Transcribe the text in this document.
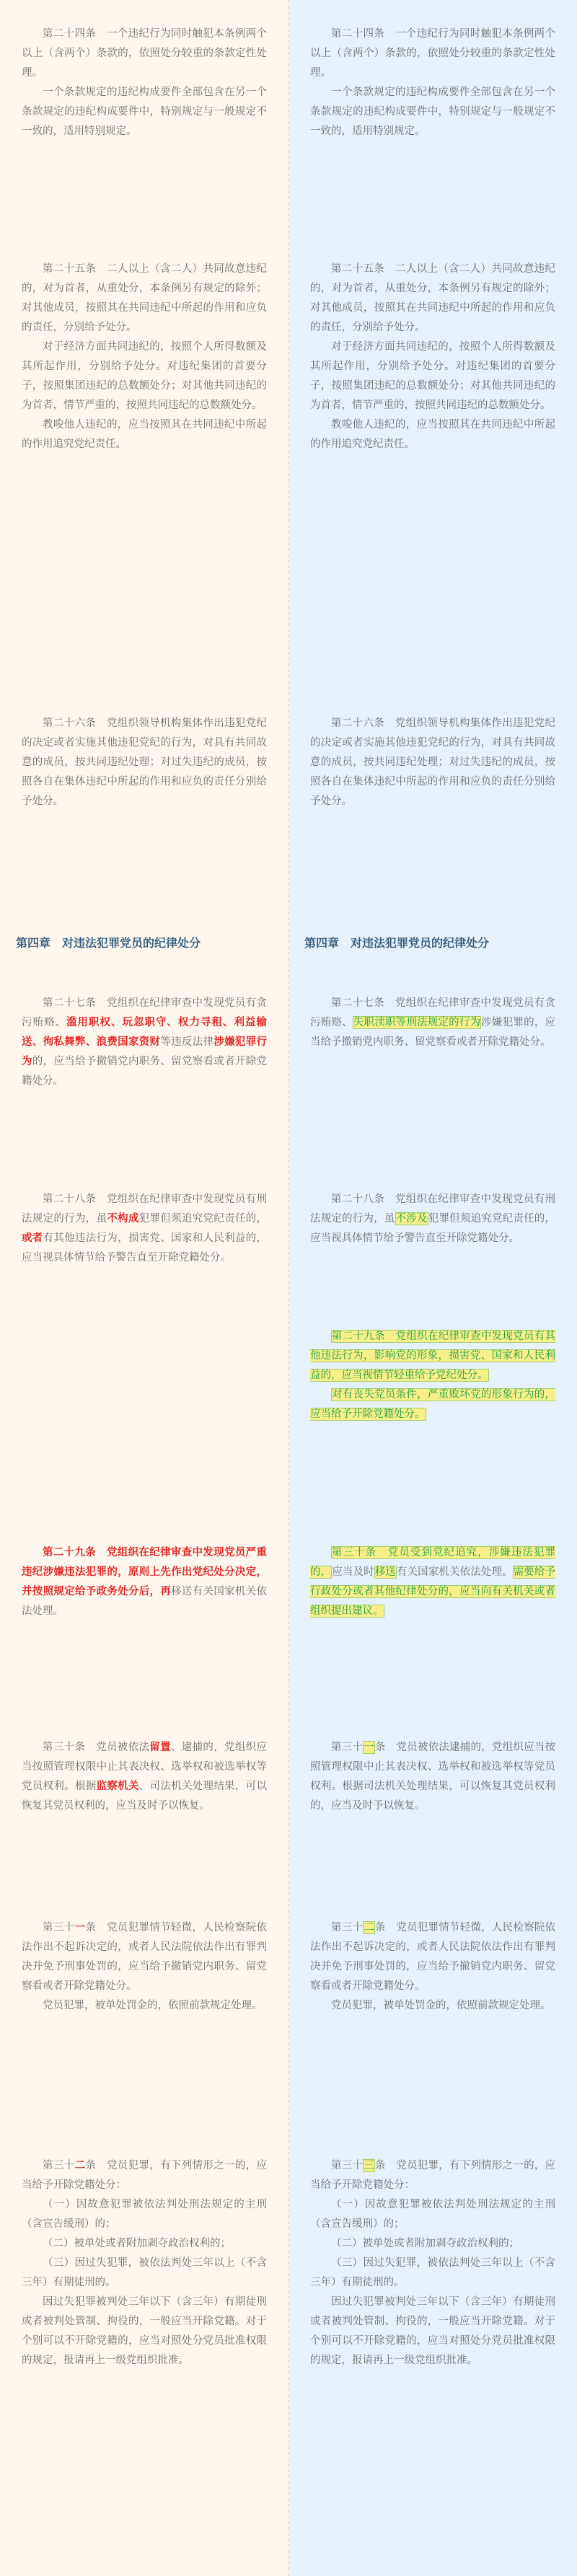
第二十四条　一个违纪行为同时触犯本条例两个以上（含两个）条款的，依照处分较重的条款定性处理。

一个条款规定的违纪构成要件全部包含在另一个条款规定的违纪构成要件中，特别规定与一般规定不一致的，适用特别规定。

第二十五条　二人以上（含二人）共同故意违纪的，对为首者，从重处分，本条例另有规定的除外；对其他成员，按照其在共同违纪中所起的作用和应负的责任，分别给予处分。

对于经济方面共同违纪的，按照个人所得数额及其所起作用，分别给予处分。对违纪集团的首要分子，按照集团违纪的总数额处分；对其他共同违纪的为首者，情节严重的，按照共同违纪的总数额处分。

教唆他人违纪的，应当按照其在共同违纪中所起的作用追究党纪责任。

第二十六条　党组织领导机构集体作出违犯党纪的决定或者实施其他违犯党纪的行为，对具有共同故意的成员，按共同违纪处理；对过失违纪的成员，按照各自在集体违纪中所起的作用和应负的责任分别给予处分。

第四章　对违法犯罪党员的纪律处分

第二十七条　党组织在纪律审查中发现党员有贪污贿赂、滥用职权、玩忽职守、权力寻租、利益输送、徇私舞弊、浪费国家资财等违反法律涉嫌犯罪行为的，应当给予撤销党内职务、留党察看或者开除党籍处分。

第二十八条　党组织在纪律审查中发现党员有刑法规定的行为，虽不构成犯罪但须追究党纪责任的，或者有其他违法行为，损害党、国家和人民利益的，应当视具体情节给予警告直至开除党籍处分。

第二十九条　党组织在纪律审查中发现党员严重违纪涉嫌违法犯罪的，原则上先作出党纪处分决定，并按照规定给予政务处分后，再移送有关国家机关依法处理。

第三十条　党员被依法留置、逮捕的，党组织应当按照管理权限中止其表决权、选举权和被选举权等党员权利。根据监察机关、司法机关处理结果，可以恢复其党员权利的，应当及时予以恢复。

第三十一条　党员犯罪情节轻微，人民检察院依法作出不起诉决定的，或者人民法院依法作出有罪判决并免予刑事处罚的，应当给予撤销党内职务、留党察看或者开除党籍处分。

党员犯罪，被单处罚金的，依照前款规定处理。

第三十二条　党员犯罪，有下列情形之一的，应当给予开除党籍处分：

（一）因故意犯罪被依法判处刑法规定的主刑（含宣告缓刑）的；

（二）被单处或者附加剥夺政治权利的；

（三）因过失犯罪，被依法判处三年以上（不含三年）有期徒刑的。

因过失犯罪被判处三年以下（含三年）有期徒刑或者被判处管制、拘役的，一般应当开除党籍。对于个别可以不开除党籍的，应当对照处分党员批准权限的规定，报请再上一级党组织批准。

第二十四条　一个违纪行为同时触犯本条例两个以上（含两个）条款的，依照处分较重的条款定性处理。

一个条款规定的违纪构成要件全部包含在另一个条款规定的违纪构成要件中，特别规定与一般规定不一致的，适用特别规定。

第二十五条　二人以上（含二人）共同故意违纪的，对为首者，从重处分，本条例另有规定的除外；对其他成员，按照其在共同违纪中所起的作用和应负的责任，分别给予处分。

对于经济方面共同违纪的，按照个人所得数额及其所起作用，分别给予处分。对违纪集团的首要分子，按照集团违纪的总数额处分；对其他共同违纪的为首者，情节严重的，按照共同违纪的总数额处分。

教唆他人违纪的，应当按照其在共同违纪中所起的作用追究党纪责任。

第二十六条　党组织领导机构集体作出违犯党纪的决定或者实施其他违犯党纪的行为，对具有共同故意的成员，按共同违纪处理；对过失违纪的成员，按照各自在集体违纪中所起的作用和应负的责任分别给予处分。

第四章　对违法犯罪党员的纪律处分

第二十七条　党组织在纪律审查中发现党员有贪污贿赂、失职渎职等刑法规定的行为涉嫌犯罪的，应当给予撤销党内职务、留党察看或者开除党籍处分。

第二十八条　党组织在纪律审查中发现党员有刑法规定的行为，虽不涉及犯罪但须追究党纪责任的，应当视具体情节给予警告直至开除党籍处分。

第二十九条　党组织在纪律审查中发现党员有其他违法行为，影响党的形象，损害党、国家和人民利益的，应当视情节轻重给予党纪处分。

对有丧失党员条件，严重败坏党的形象行为的，应当给予开除党籍处分。

第三十条　党员受到党纪追究，涉嫌违法犯罪的，应当及时移送有关国家机关依法处理。需要给予行政处分或者其他纪律处分的，应当向有关机关或者组织提出建议。

第三十一条　党员被依法逮捕的，党组织应当按照管理权限中止其表决权、选举权和被选举权等党员权利。根据司法机关处理结果，可以恢复其党员权利的，应当及时予以恢复。

第三十二条　党员犯罪情节轻微，人民检察院依法作出不起诉决定的，或者人民法院依法作出有罪判决并免予刑事处罚的，应当给予撤销党内职务、留党察看或者开除党籍处分。

党员犯罪，被单处罚金的，依照前款规定处理。

第三十三条　党员犯罪，有下列情形之一的，应当给予开除党籍处分：

（一）因故意犯罪被依法判处刑法规定的主刑（含宣告缓刑）的；

（二）被单处或者附加剥夺政治权利的；

（三）因过失犯罪，被依法判处三年以上（不含三年）有期徒刑的。

因过失犯罪被判处三年以下（含三年）有期徒刑或者被判处管制、拘役的，一般应当开除党籍。对于个别可以不开除党籍的，应当对照处分党员批准权限的规定，报请再上一级党组织批准。
